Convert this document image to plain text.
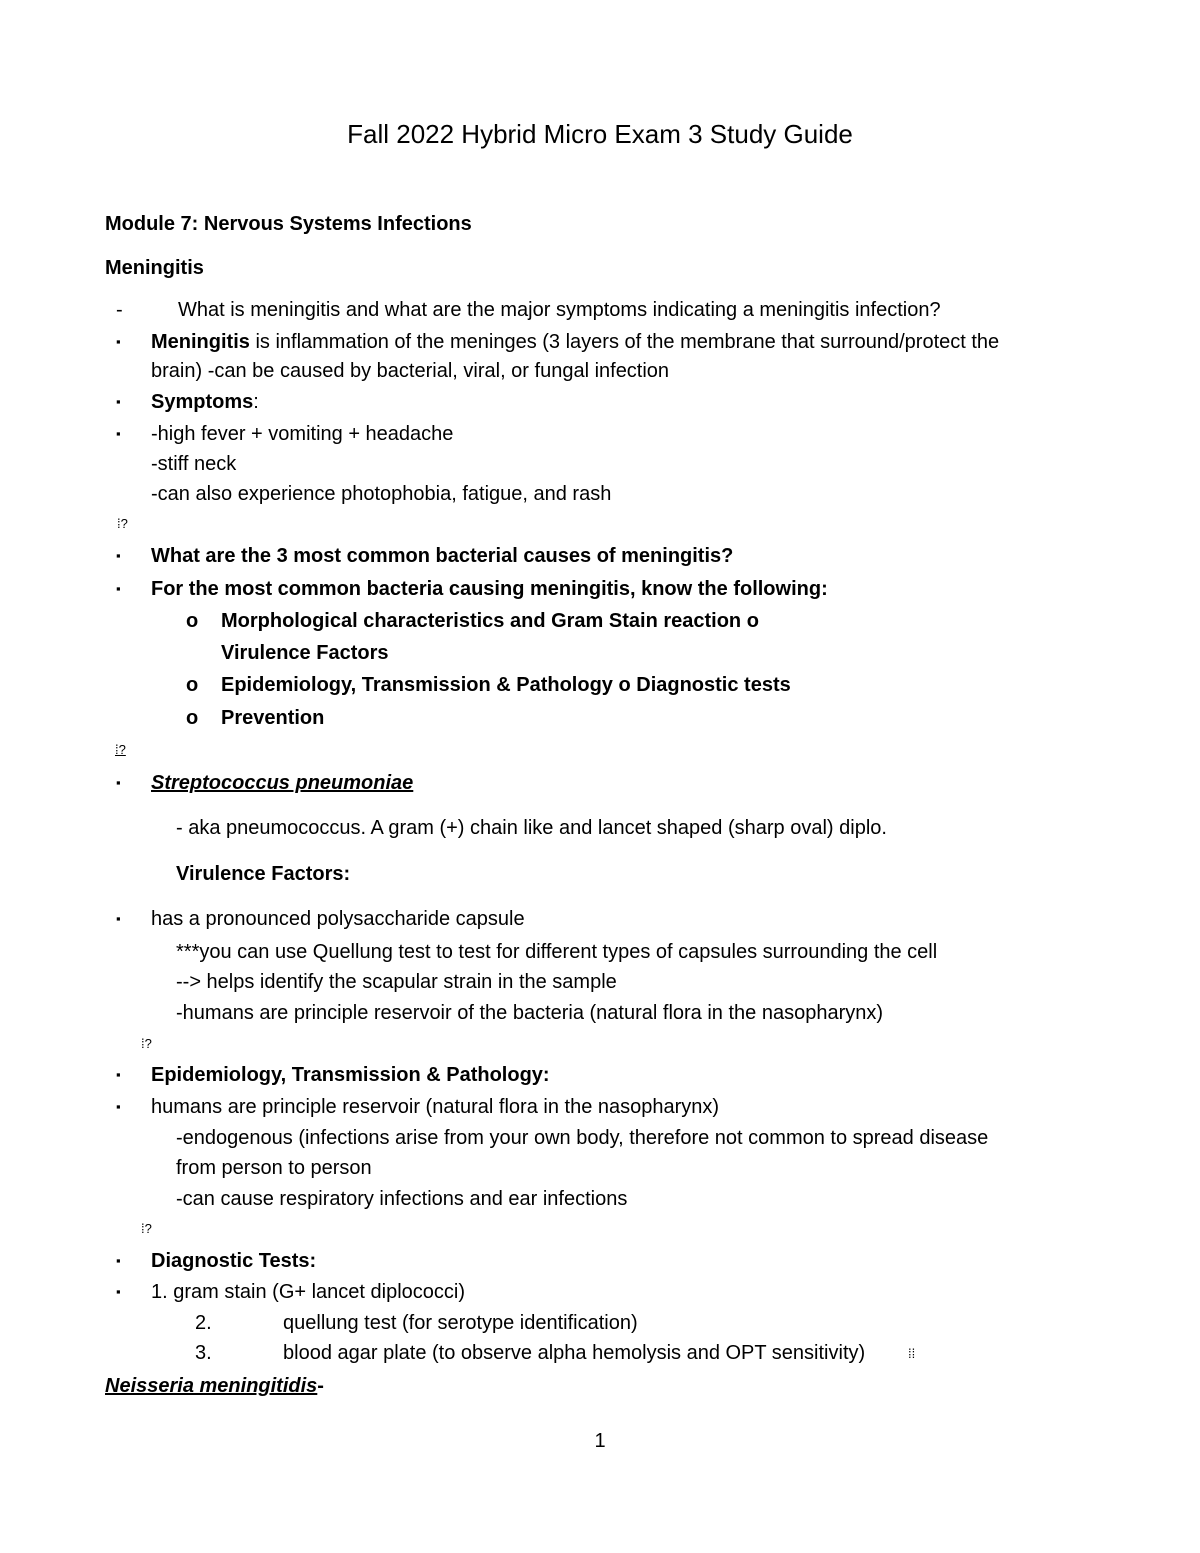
Fall 2022 Hybrid Micro Exam 3 Study Guide
Module 7: Nervous Systems Infections
Meningitis
-	What is meningitis and what are the major symptoms indicating a meningitis infection?
▪ Meningitis is inflammation of the meninges (3 layers of the membrane that surround/protect the
brain) -can be caused by bacterial, viral, or fungal infection
▪ Symptoms:
▪ -high fever + vomiting + headache
-stiff neck
-can also experience photophobia, fatigue, and rash
⁞?
▪ What are the 3 most common bacterial causes of meningitis?
▪ For the most common bacteria causing meningitis, know the following:
o Morphological characteristics and Gram Stain reaction o
Virulence Factors
o Epidemiology, Transmission & Pathology o Diagnostic tests
o Prevention
⁞?
▪ Streptococcus pneumoniae
- aka pneumococcus. A gram (+) chain like and lancet shaped (sharp oval) diplo.
Virulence Factors:
▪ has a pronounced polysaccharide capsule
***you can use Quellung test to test for different types of capsules surrounding the cell
--> helps identify the scapular strain in the sample
-humans are principle reservoir of the bacteria (natural flora in the nasopharynx)
⁞?
▪ Epidemiology, Transmission & Pathology:
▪ humans are principle reservoir (natural flora in the nasopharynx)
-endogenous (infections arise from your own body, therefore not common to spread disease
from person to person
-can cause respiratory infections and ear infections
⁞?
▪ Diagnostic Tests:
▪ 1. gram stain (G+ lancet diplococci)
2.	quellung test (for serotype identification)
3.	blood agar plate (to observe alpha hemolysis and OPT sensitivity)	⁞⁞
Neisseria meningitidis-
1
